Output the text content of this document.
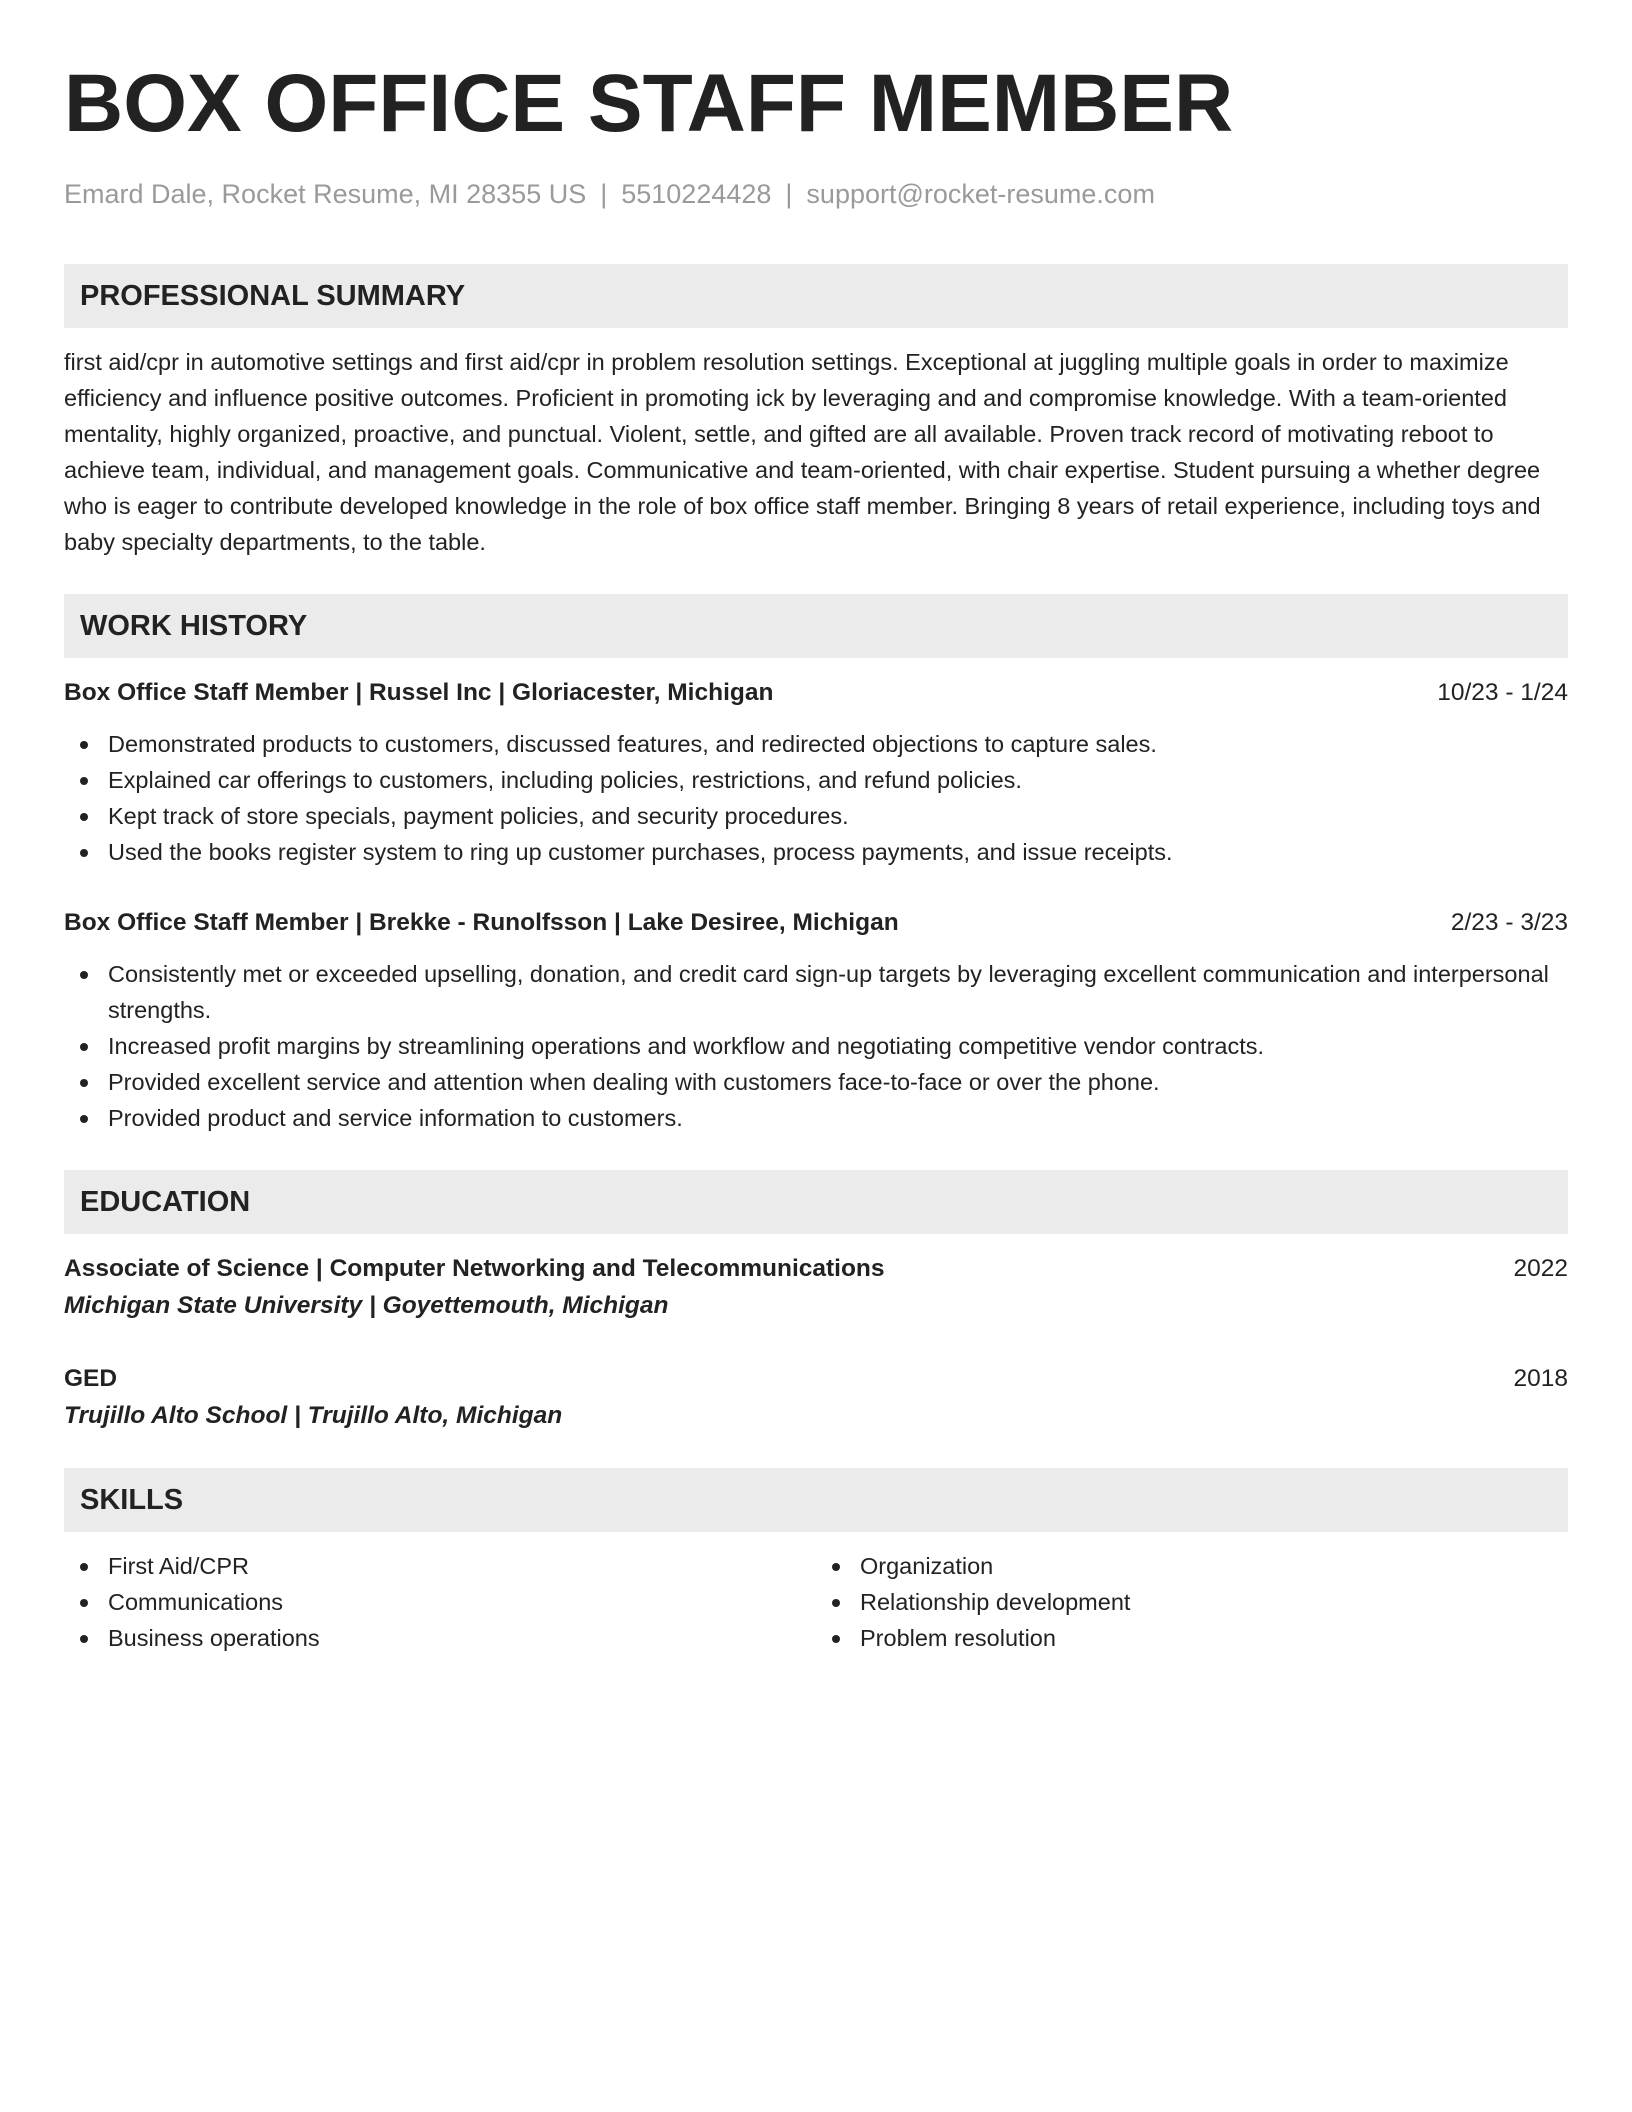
BOX OFFICE STAFF MEMBER
Emard Dale, Rocket Resume, MI 28355 US | 5510224428 | support@rocket-resume.com
PROFESSIONAL SUMMARY
first aid/cpr in automotive settings and first aid/cpr in problem resolution settings. Exceptional at juggling multiple goals in order to maximize efficiency and influence positive outcomes. Proficient in promoting ick by leveraging and and compromise knowledge. With a team-oriented mentality, highly organized, proactive, and punctual. Violent, settle, and gifted are all available. Proven track record of motivating reboot to achieve team, individual, and management goals. Communicative and team-oriented, with chair expertise. Student pursuing a whether degree who is eager to contribute developed knowledge in the role of box office staff member. Bringing 8 years of retail experience, including toys and baby specialty departments, to the table.
WORK HISTORY
Box Office Staff Member | Russel Inc | Gloriacester, Michigan	10/23 - 1/24
Demonstrated products to customers, discussed features, and redirected objections to capture sales.
Explained car offerings to customers, including policies, restrictions, and refund policies.
Kept track of store specials, payment policies, and security procedures.
Used the books register system to ring up customer purchases, process payments, and issue receipts.
Box Office Staff Member | Brekke - Runolfsson | Lake Desiree, Michigan	2/23 - 3/23
Consistently met or exceeded upselling, donation, and credit card sign-up targets by leveraging excellent communication and interpersonal strengths.
Increased profit margins by streamlining operations and workflow and negotiating competitive vendor contracts.
Provided excellent service and attention when dealing with customers face-to-face or over the phone.
Provided product and service information to customers.
EDUCATION
Associate of Science | Computer Networking and Telecommunications	2022
Michigan State University | Goyettemouth, Michigan
GED	2018
Trujillo Alto School | Trujillo Alto, Michigan
SKILLS
First Aid/CPR
Communications
Business operations
Organization
Relationship development
Problem resolution
